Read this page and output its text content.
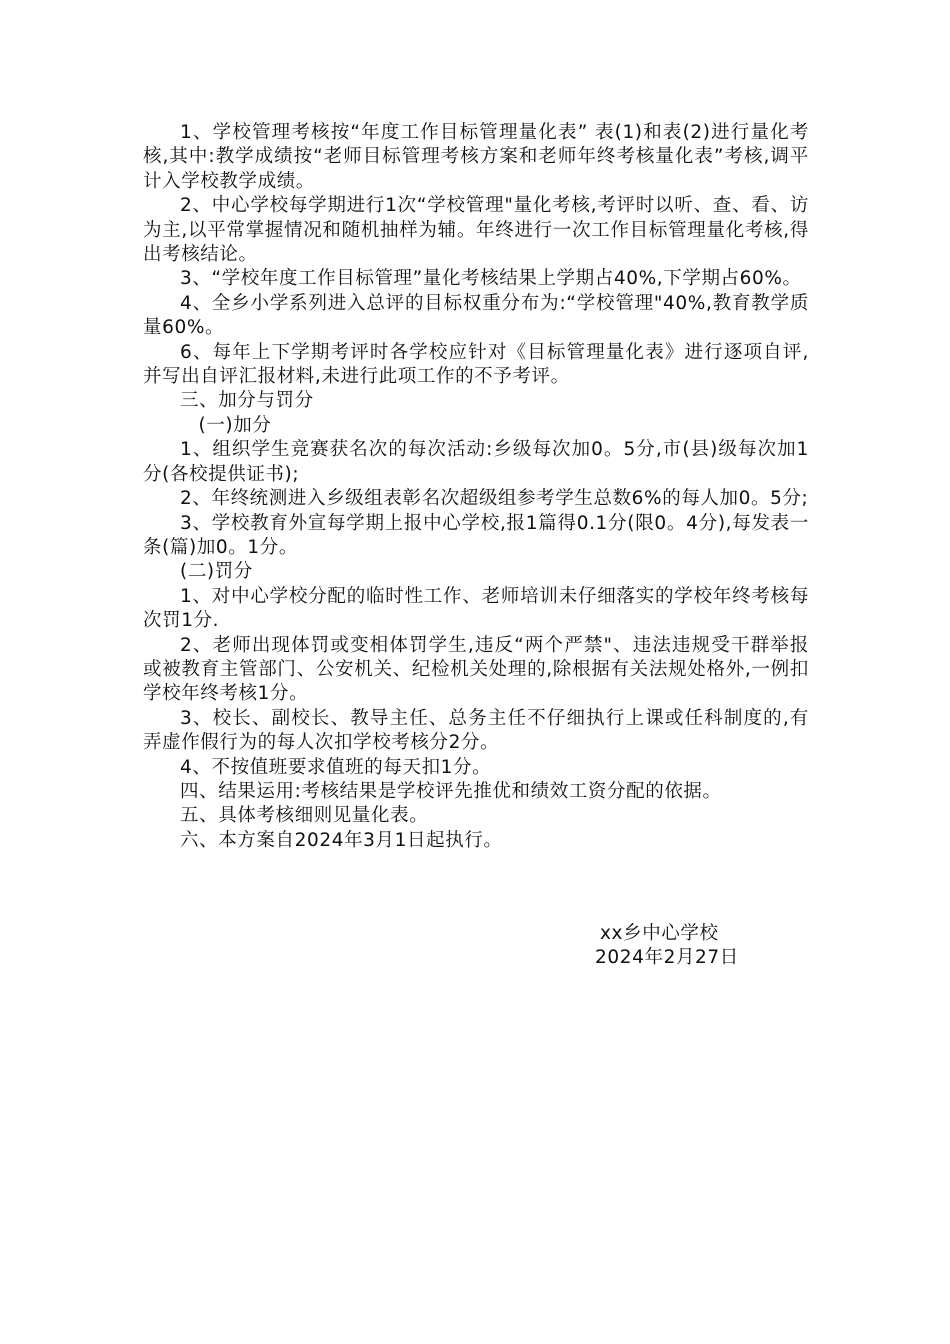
1、学校管理考核按“年度工作目标管理量化表” 表(1)和表(2)进行量化考核,其中:教学成绩按“老师目标管理考核方案和老师年终考核量化表”考核,调平计入学校教学成绩。

2、中心学校每学期进行1次“学校管理"量化考核,考评时以听、查、看、访为主,以平常掌握情况和随机抽样为辅。年终进行一次工作目标管理量化考核,得出考核结论。

3、“学校年度工作目标管理”量化考核结果上学期占40%,下学期占60%。

4、全乡小学系列进入总评的目标权重分布为:“学校管理"40%,教育教学质量60%。

6、每年上下学期考评时各学校应针对《目标管理量化表》进行逐项自评,并写出自评汇报材料,未进行此项工作的不予考评。

三、加分与罚分

(一)加分

1、组织学生竞赛获名次的每次活动:乡级每次加0。5分,市(县)级每次加1分(各校提供证书);

2、年终统测进入乡级组表彰名次超级组参考学生总数6%的每人加0。5分;

3、学校教育外宣每学期上报中心学校,报1篇得0.1分(限0。4分),每发表一条(篇)加0。1分。

(二)罚分

1、对中心学校分配的临时性工作、老师培训未仔细落实的学校年终考核每次罚1分.

2、老师出现体罚或变相体罚学生,违反“两个严禁"、违法违规受干群举报或被教育主管部门、公安机关、纪检机关处理的,除根据有关法规处格外,一例扣学校年终考核1分。

3、校长、副校长、教导主任、总务主任不仔细执行上课或任科制度的,有弄虚作假行为的每人次扣学校考核分2分。

4、不按值班要求值班的每天扣1分。

四、结果运用:考核结果是学校评先推优和绩效工资分配的依据。

五、具体考核细则见量化表。

六、本方案自2024年3月1日起执行。

xx乡中心学校
2024年2月27日
